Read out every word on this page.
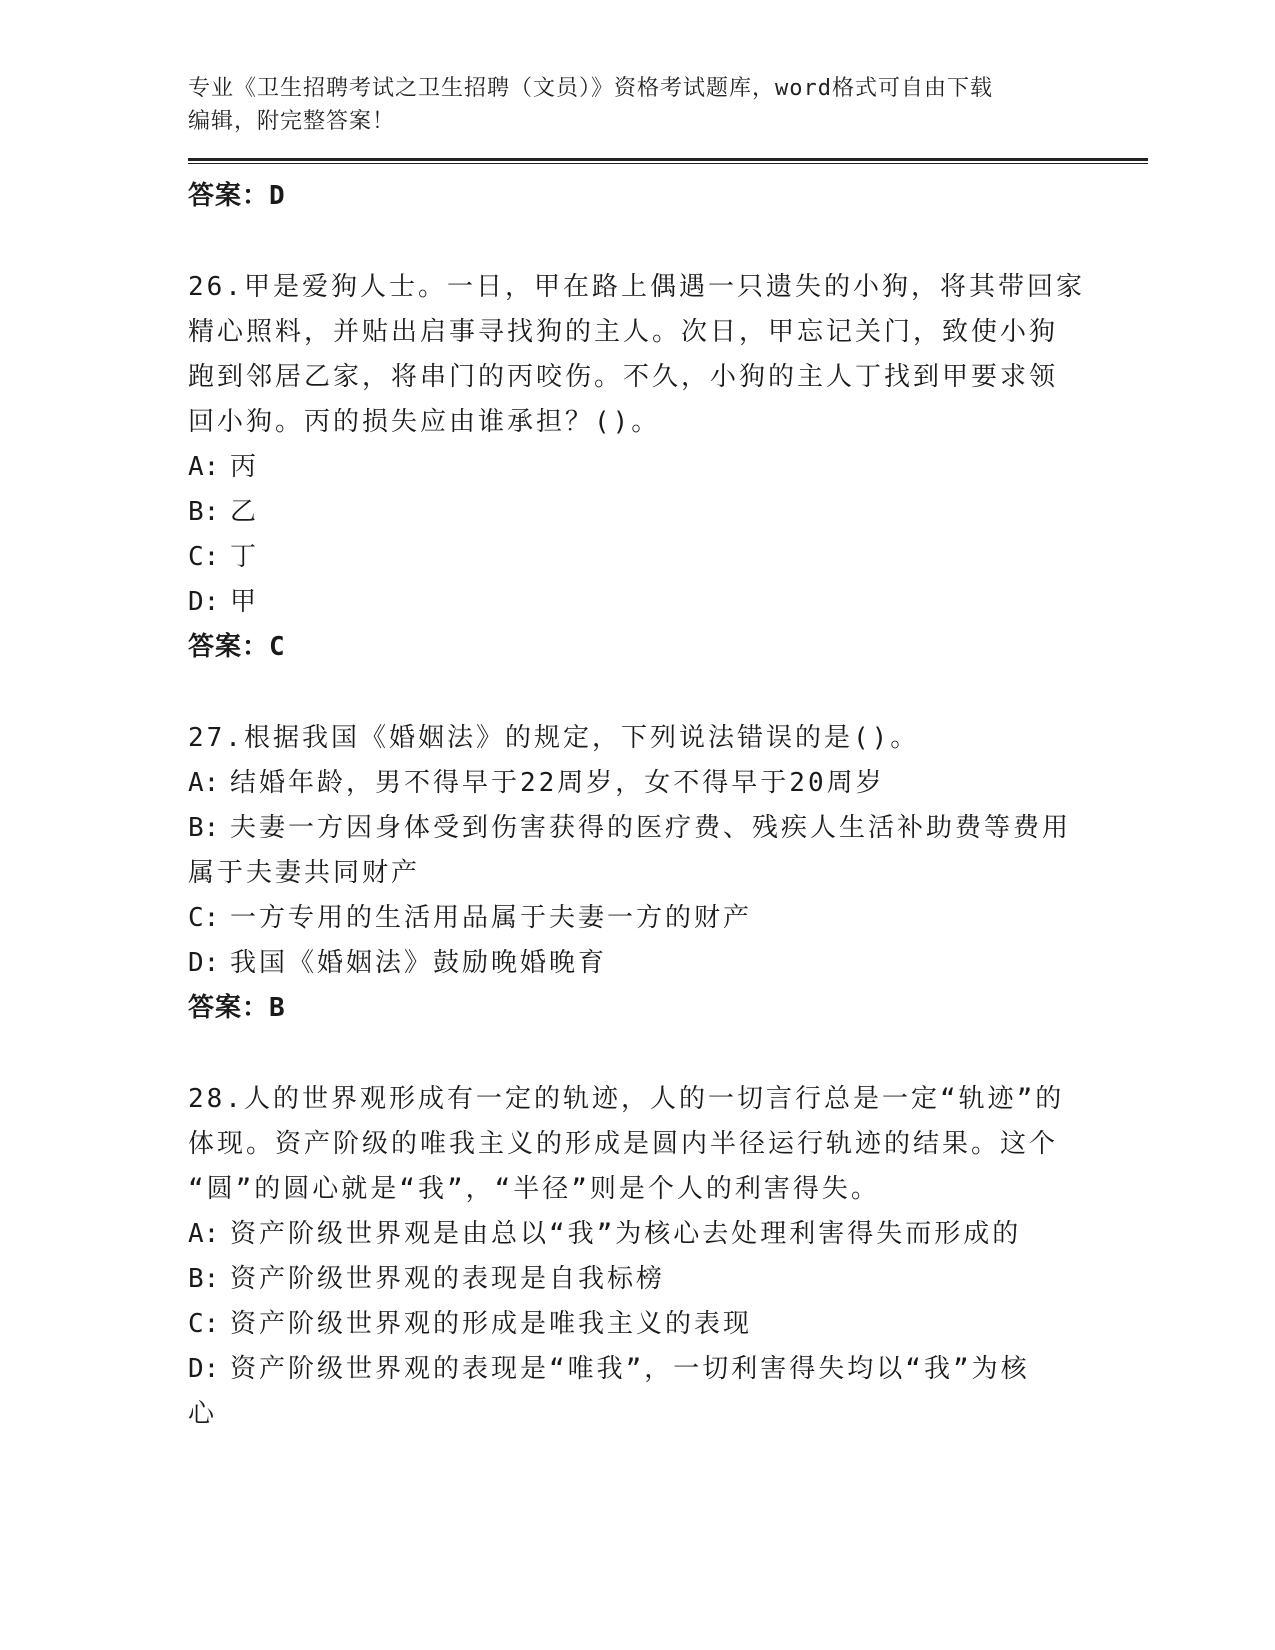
专业《卫生招聘考试之卫生招聘（文员）》资格考试题库，word格式可自由下载

编辑，附完整答案！

答案：D

26.甲是爱狗人士。一日，甲在路上偶遇一只遗失的小狗，将其带回家

精心照料，并贴出启事寻找狗的主人。次日，甲忘记关门，致使小狗

跑到邻居乙家，将串门的丙咬伤。不久，小狗的主人丁找到甲要求领

回小狗。丙的损失应由谁承担？()。

A: 丙

B: 乙

C: 丁

D: 甲

答案：C

27.根据我国《婚姻法》的规定，下列说法错误的是()。

A: 结婚年龄，男不得早于22周岁，女不得早于20周岁

B: 夫妻一方因身体受到伤害获得的医疗费、残疾人生活补助费等费用

属于夫妻共同财产

C: 一方专用的生活用品属于夫妻一方的财产

D: 我国《婚姻法》鼓励晚婚晚育

答案：B

28.人的世界观形成有一定的轨迹，人的一切言行总是一定“轨迹”的

体现。资产阶级的唯我主义的形成是圆内半径运行轨迹的结果。这个

“圆”的圆心就是“我”，“半径”则是个人的利害得失。

A: 资产阶级世界观是由总以“我”为核心去处理利害得失而形成的

B: 资产阶级世界观的表现是自我标榜

C: 资产阶级世界观的形成是唯我主义的表现

D: 资产阶级世界观的表现是“唯我”，一切利害得失均以“我”为核

心
